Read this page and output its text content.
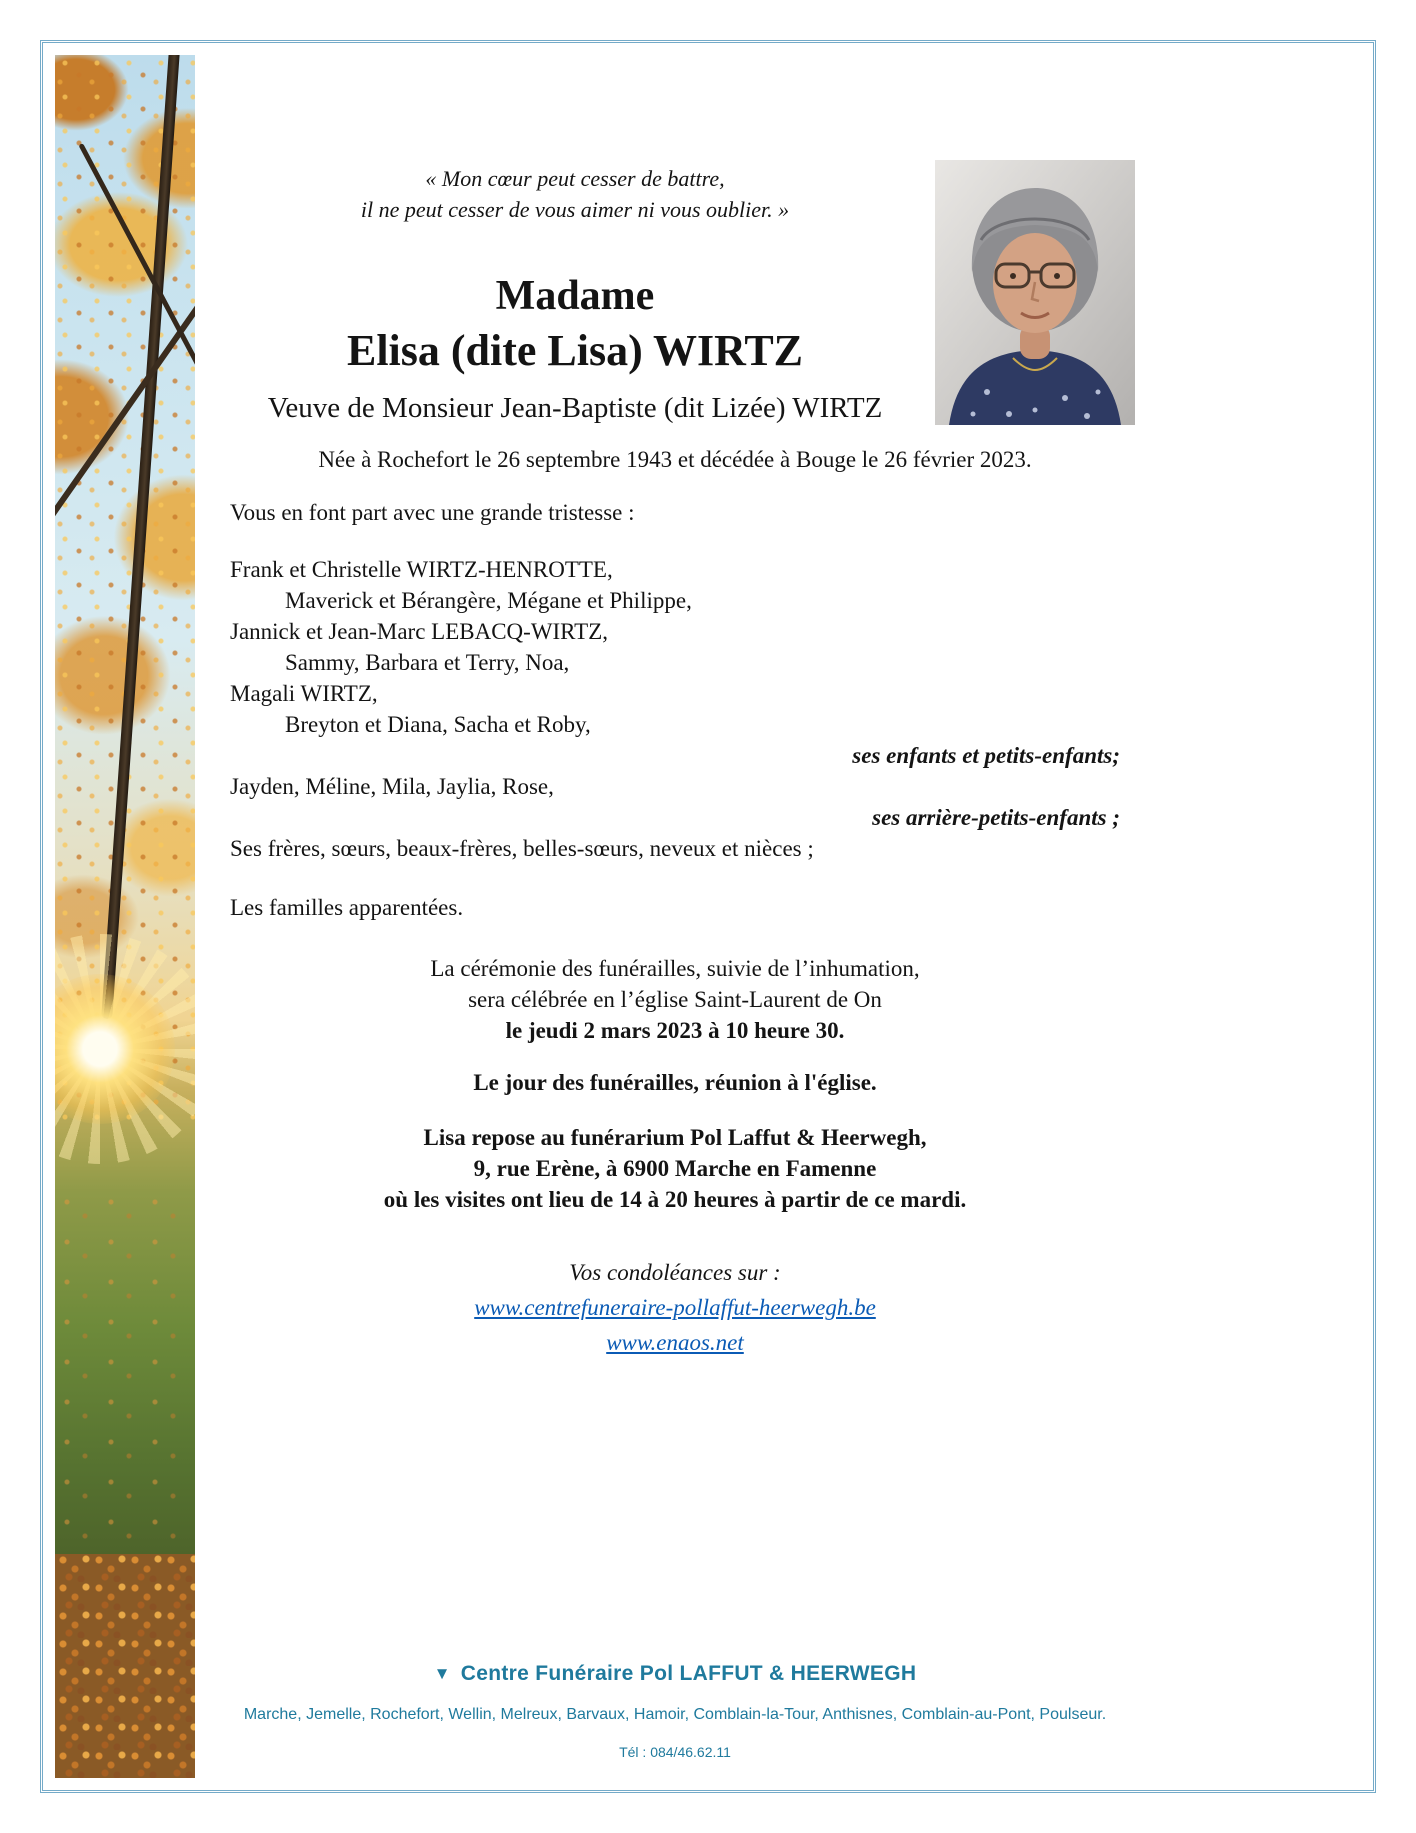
« Mon cœur peut cesser de battre,
il ne peut cesser de vous aimer ni vous oublier. »
Madame
Elisa (dite Lisa) WIRTZ
Veuve de Monsieur Jean-Baptiste (dit Lizée) WIRTZ
Née à Rochefort le 26 septembre 1943 et décédée à Bouge le 26 février 2023.
Vous en font part avec une grande tristesse :
Frank et Christelle WIRTZ-HENROTTE,
Maverick et Bérangère, Mégane et Philippe,
Jannick et Jean-Marc LEBACQ-WIRTZ,
Sammy, Barbara et Terry, Noa,
Magali WIRTZ,
Breyton et Diana, Sacha et Roby,
ses enfants et petits-enfants;
Jayden, Méline, Mila, Jaylia, Rose,
ses arrière-petits-enfants ;
Ses frères, sœurs, beaux-frères, belles-sœurs, neveux et nièces ;
Les familles apparentées.
La cérémonie des funérailles, suivie de l’inhumation,
sera célébrée en l’église Saint-Laurent de On
le jeudi 2 mars 2023 à 10 heure 30.
Le jour des funérailles, réunion à l'église.
Lisa repose au funérarium Pol Laffut & Heerwegh,
9, rue Erène, à 6900 Marche en Famenne
où les visites ont lieu de 14 à 20 heures à partir de ce mardi.
Vos condoléances sur :
www.centrefuneraire-pollaffut-heerwegh.be
www.enaos.net
▼ Centre Funéraire Pol LAFFUT & HEERWEGH
Marche, Jemelle, Rochefort, Wellin, Melreux, Barvaux, Hamoir, Comblain-la-Tour, Anthisnes, Comblain-au-Pont, Poulseur.
Tél : 084/46.62.11
